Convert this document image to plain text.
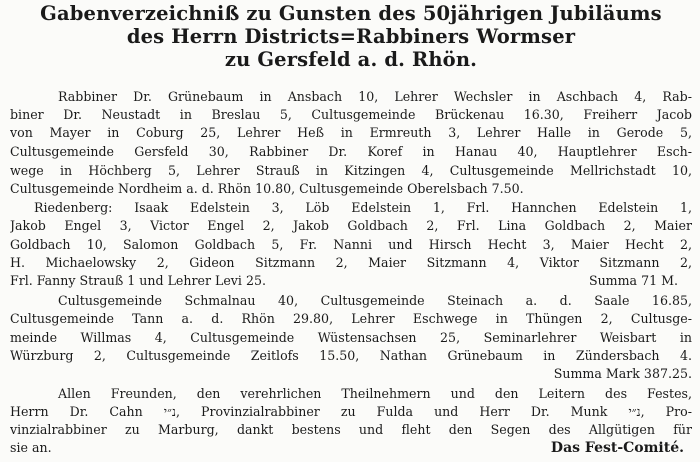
Gabenverzeichniß zu Gunsten des 50jährigen Jubiläums
des Herrn Districts=Rabbiners Wormser
zu Gersfeld a. d. Rhön.
Rabbiner Dr. Grünebaum in Ansbach 10, Lehrer Wechsler in Aschbach 4, Rab-
biner Dr. Neustadt in Breslau 5, Cultusgemeinde Brückenau 16.30, Freiherr Jacob
von Mayer in Coburg 25, Lehrer Heß in Ermreuth 3, Lehrer Halle in Gerode 5,
Cultusgemeinde Gersfeld 30, Rabbiner Dr. Koref in Hanau 40, Hauptlehrer Esch-
wege in Höchberg 5, Lehrer Strauß in Kitzingen 4, Cultusgemeinde Mellrichstadt 10,
Cultusgemeinde Nordheim a. d. Rhön 10.80, Cultusgemeinde Oberelsbach 7.50.
Riedenberg: Isaak Edelstein 3, Löb Edelstein 1, Frl. Hannchen Edelstein 1,
Jakob Engel 3, Victor Engel 2, Jakob Goldbach 2, Frl. Lina Goldbach 2, Maier
Goldbach 10, Salomon Goldbach 5, Fr. Nanni und Hirsch Hecht 3, Maier Hecht 2,
H. Michaelowsky 2, Gideon Sitzmann 2, Maier Sitzmann 4, Viktor Sitzmann 2,
Frl. Fanny Strauß 1 und Lehrer Levi 25.	Summa 71 M.
Cultusgemeinde Schmalnau 40, Cultusgemeinde Steinach a. d. Saale 16.85,
Cultusgemeinde Tann a. d. Rhön 29.80, Lehrer Eschwege in Thüngen 2, Cultusge-
meinde Willmas 4, Cultusgemeinde Wüstensachsen 25, Seminarlehrer Weisbart in
Würzburg 2, Cultusgemeinde Zeitlofs 15.50, Nathan Grünebaum in Zündersbach 4.
Summa Mark 387.25.
Allen Freunden, den verehrlichen Theilnehmern und den Leitern des Festes,
Herrn Dr. Cahn נ״י, Provinzialrabbiner zu Fulda und Herr Dr. Munk נ״י, Pro-
vinzialrabbiner zu Marburg, dankt bestens und fleht den Segen des Allgütigen für
sie an.	Das Fest-Comité.
